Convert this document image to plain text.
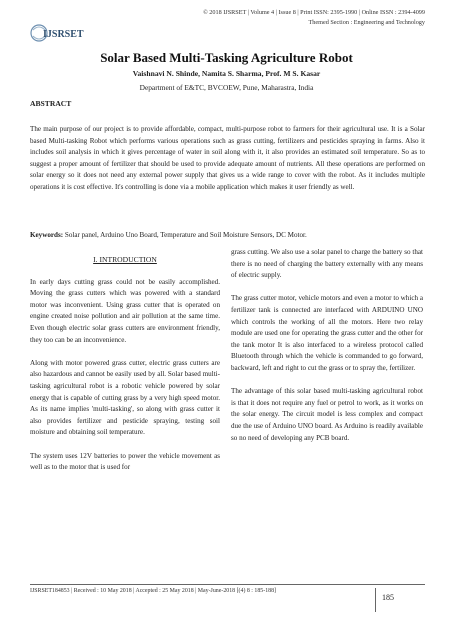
IJSRSET
© 2018 IJSRSET | Volume 4 | Issue 8 | Print ISSN: 2395-1990 | Online ISSN : 2394-4099
Themed Section : Engineering and Technology
Solar Based Multi-Tasking Agriculture Robot
Vaishnavi N. Shinde, Namita S. Sharma, Prof. M S. Kasar
Department of E&TC, BVCOEW, Pune, Maharastra, India
ABSTRACT
The main purpose of our project is to provide affordable, compact, multi-purpose robot to farmers for their agricultural use. It is a Solar based Multi-tasking Robot which performs various operations such as grass cutting, fertilizers and pesticides spraying in farms. Also it includes soil analysis in which it gives percentage of water in soil along with it, it also provides an estimated soil temperature. So as to suggest a proper amount of fertilizer that should be used to provide adequate amount of nutrients. All these operations are performed on solar energy so it does not need any external power supply that gives us a wide range to cover with the robot. As it includes multiple operations it is cost effective. It's controlling is done via a mobile application which makes it user friendly as well.
Keywords: Solar panel, Arduino Uno Board, Temperature and Soil Moisture Sensors, DC Motor.
I. INTRODUCTION

In early days cutting grass could not be easily accomplished. Moving the grass cutters which was powered with a standard motor was inconvenient. Using grass cutter that is operated on engine created noise pollution and air pollution at the same time. Even though electric solar grass cutters are environment friendly, they too can be an inconvenience.

Along with motor powered grass cutter, electric grass cutters are also hazardous and cannot be easily used by all. Solar based multi-tasking agricultural robot is a robotic vehicle powered by solar energy that is capable of cutting grass by a very high speed motor. As its name implies 'multi-tasking', so along with grass cutter it also provides fertilizer and pesticide spraying, testing soil moisture and obtaining soil temperature.

The system uses 12V batteries to power the vehicle movement as well as to the motor that is used for

grass cutting. We also use a solar panel to charge the battery so that there is no need of charging the battery externally with any means of electric supply.

The grass cutter motor, vehicle motors and even a motor to which a fertilizer tank is connected are interfaced with ARDUINO UNO which controls the working of all the motors. Here two relay module are used one for operating the grass cutter and the other for the tank motor It is also interfaced to a wireless protocol called Bluetooth through which the vehicle is commanded to go forward, backward, left and right to cut the grass or to spray the, fertilizer.

The advantage of this solar based multi-tasking agricultural robot is that it does not require any fuel or petrol to work, as it works on the solar energy. The circuit model is less complex and compact due the use of Arduino UNO board. As Arduino is readily available so no need of developing any PCB board.

IJSRSET184853 | Received : 10 May 2018 | Accepted : 25 May 2018 | May-June-2018 [(4) 8 : 185-188]
185
